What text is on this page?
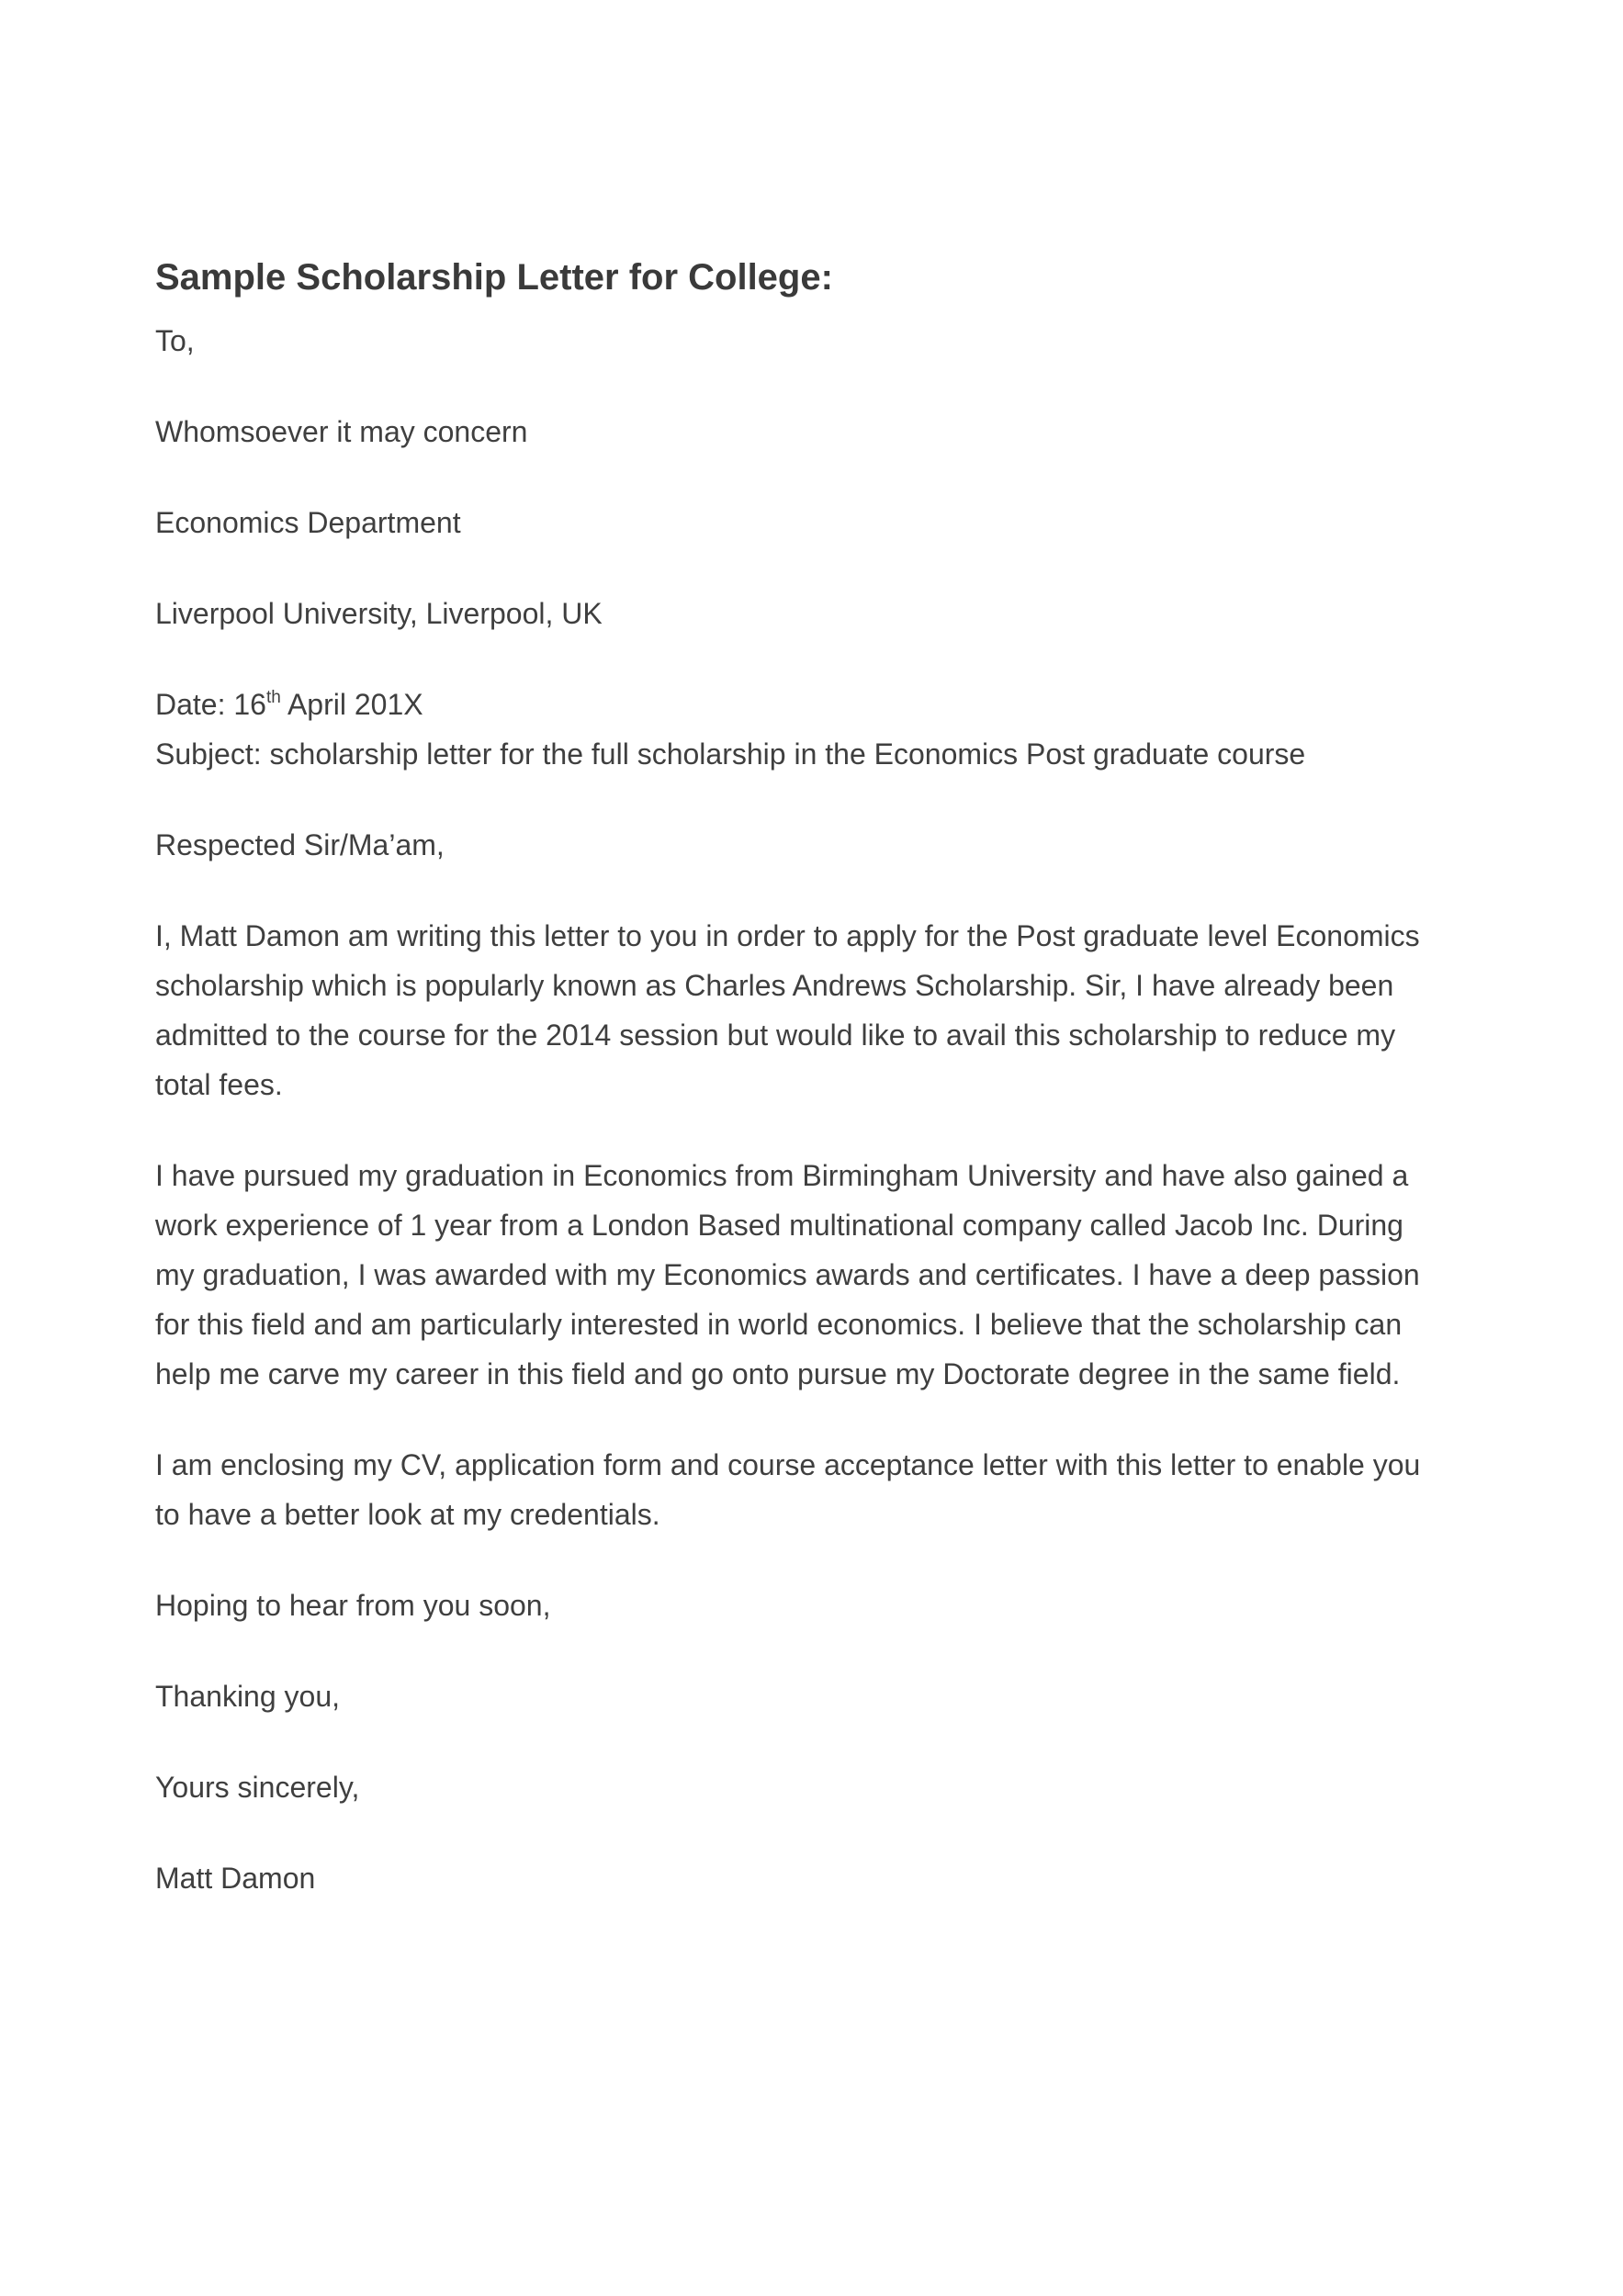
Sample Scholarship Letter for College:
To,
Whomsoever it may concern
Economics Department
Liverpool University, Liverpool, UK
Date: 16th April 201X
Subject: scholarship letter for the full scholarship in the Economics Post graduate course
Respected Sir/Ma’am,
I, Matt Damon am writing this letter to you in order to apply for the Post graduate level Economics
scholarship which is popularly known as Charles Andrews Scholarship. Sir, I have already been
admitted to the course for the 2014 session but would like to avail this scholarship to reduce my
total fees.
I have pursued my graduation in Economics from Birmingham University and have also gained a
work experience of 1 year from a London Based multinational company called Jacob Inc. During
my graduation, I was awarded with my Economics awards and certificates. I have a deep passion
for this field and am particularly interested in world economics. I believe that the scholarship can
help me carve my career in this field and go onto pursue my Doctorate degree in the same field.
I am enclosing my CV, application form and course acceptance letter with this letter to enable you
to have a better look at my credentials.
Hoping to hear from you soon,
Thanking you,
Yours sincerely,
Matt Damon
